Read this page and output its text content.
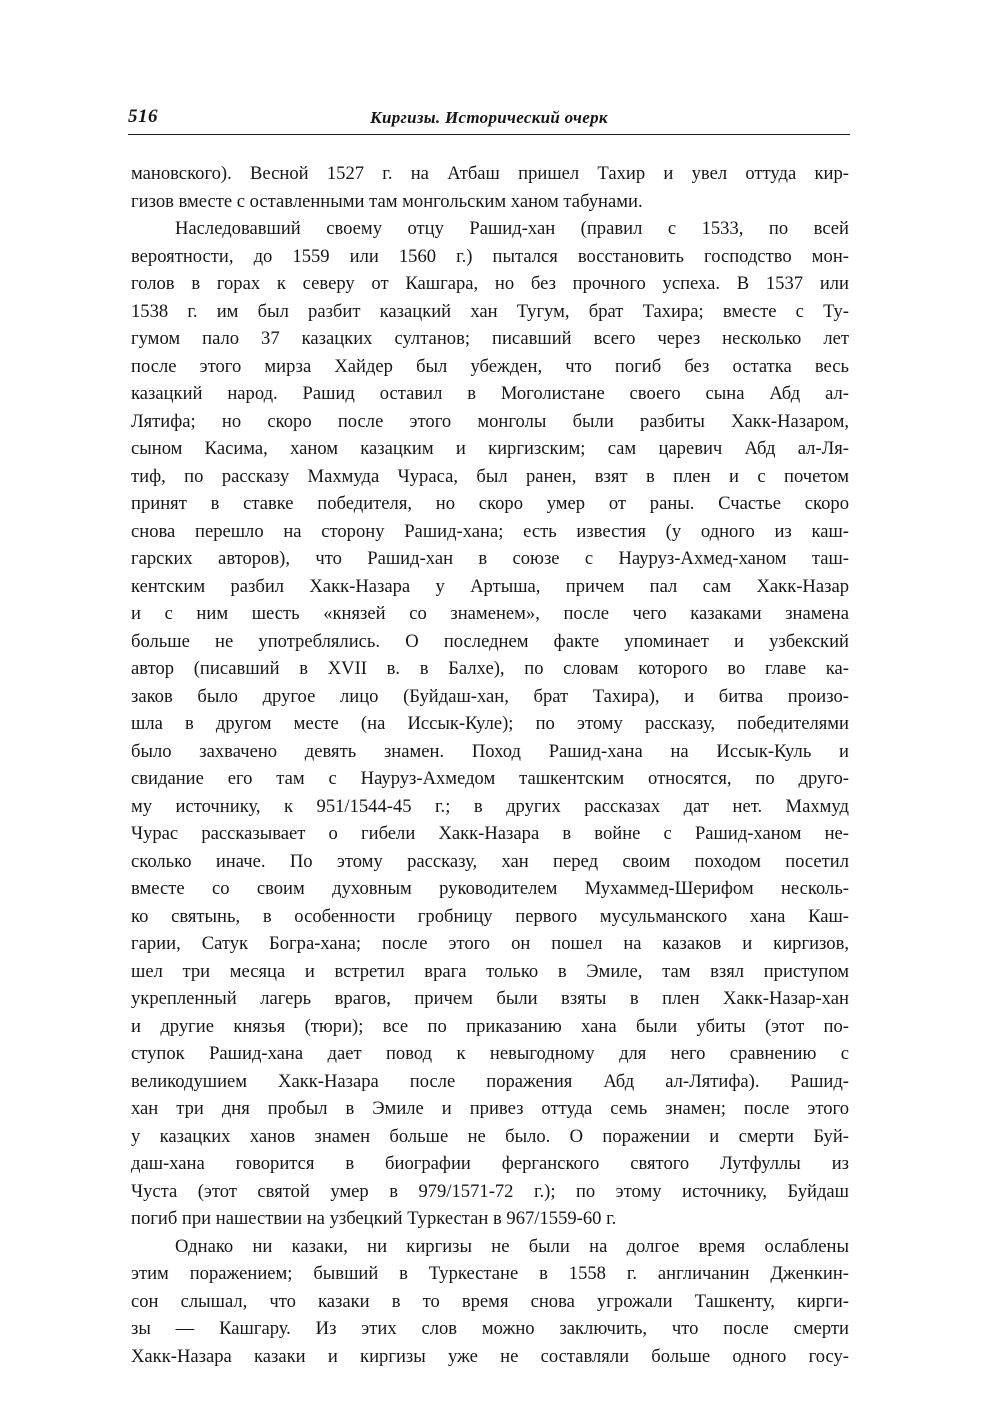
516	Киргизы. Исторический очерк
мановского). Весной 1527 г. на Атбаш пришел Тахир и увел оттуда кир-
гизов вместе с оставленными там монгольским ханом табунами.
Наследовавший своему отцу Рашид-хан (правил с 1533, по всей
вероятности, до 1559 или 1560 г.) пытался восстановить господство мон-
голов в горах к северу от Кашгара, но без прочного успеха. В 1537 или
1538 г. им был разбит казацкий хан Тугум, брат Тахира; вместе с Ту-
гумом пало 37 казацких султанов; писавший всего через несколько лет
после этого мирза Хайдер был убежден, что погиб без остатка весь
казацкий народ. Рашид оставил в Моголистане своего сына Абд ал-
Лятифа; но скоро после этого монголы были разбиты Хакк-Назаром,
сыном Касима, ханом казацким и киргизским; сам царевич Абд ал-Ля-
тиф, по рассказу Махмуда Чураса, был ранен, взят в плен и с почетом
принят в ставке победителя, но скоро умер от раны. Счастье скоро
снова перешло на сторону Рашид-хана; есть известия (у одного из каш-
гарских авторов), что Рашид-хан в союзе с Науруз-Ахмед-ханом таш-
кентским разбил Хакк-Назара у Артыша, причем пал сам Хакк-Назар
и с ним шесть «князей со знаменем», после чего казаками знамена
больше не употреблялись. О последнем факте упоминает и узбекский
автор (писавший в XVII в. в Балхе), по словам которого во главе ка-
заков было другое лицо (Буйдаш-хан, брат Тахира), и битва произо-
шла в другом месте (на Иссык-Куле); по этому рассказу, победителями
было захвачено девять знамен. Поход Рашид-хана на Иссык-Куль и
свидание его там с Науруз-Ахмедом ташкентским относятся, по друго-
му источнику, к 951/1544-45 г.; в других рассказах дат нет. Махмуд
Чурас рассказывает о гибели Хакк-Назара в войне с Рашид-ханом не-
сколько иначе. По этому рассказу, хан перед своим походом посетил
вместе со своим духовным руководителем Мухаммед-Шерифом несколь-
ко святынь, в особенности гробницу первого мусульманского хана Каш-
гарии, Сатук Богра-хана; после этого он пошел на казаков и киргизов,
шел три месяца и встретил врага только в Эмиле, там взял приступом
укрепленный лагерь врагов, причем были взяты в плен Хакк-Назар-хан
и другие князья (тюри); все по приказанию хана были убиты (этот по-
ступок Рашид-хана дает повод к невыгодному для него сравнению с
великодушием Хакк-Назара после поражения Абд ал-Лятифа). Рашид-
хан три дня пробыл в Эмиле и привез оттуда семь знамен; после этого
у казацких ханов знамен больше не было. О поражении и смерти Буй-
даш-хана говорится в биографии ферганского святого Лутфуллы из
Чуста (этот святой умер в 979/1571-72 г.); по этому источнику, Буйдаш
погиб при нашествии на узбецкий Туркестан в 967/1559-60 г.
Однако ни казаки, ни киргизы не были на долгое время ослаблены
этим поражением; бывший в Туркестане в 1558 г. англичанин Дженкин-
сон слышал, что казаки в то время снова угрожали Ташкенту, кирги-
зы — Кашгару. Из этих слов можно заключить, что после смерти
Хакк-Назара казаки и киргизы уже не составляли больше одного госу-
